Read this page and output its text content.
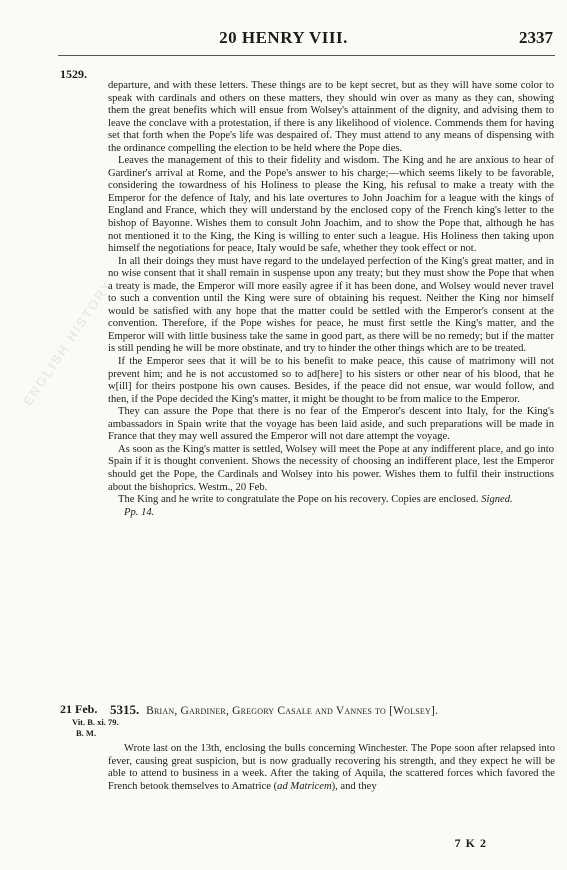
20 HENRY VIII.	2337
1529.
ENGLISH HISTORY

departure, and with these letters. These things are to be kept secret, but as they will have some color to speak with cardinals and others on these matters, they should win over as many as they can, showing them the great benefits which will ensue from Wolsey's attainment of the dignity, and advising them to leave the conclave with a protestation, if there is any likelihood of violence. Commends them for having set that forth when the Pope's life was despaired of. They must attend to any means of dispensing with the ordinance compelling the election to be held where the Pope dies.

Leaves the management of this to their fidelity and wisdom. The King and he are anxious to hear of Gardiner's arrival at Rome, and the Pope's answer to his charge;—which seems likely to be favorable, considering the towardness of his Holiness to please the King, his refusal to make a treaty with the Emperor for the defence of Italy, and his late overtures to John Joachim for a league with the kings of England and France, which they will understand by the enclosed copy of the French king's letter to the bishop of Bayonne. Wishes them to consult John Joachim, and to show the Pope that, although he has not mentioned it to the King, the King is willing to enter such a league. His Holiness then taking upon himself the negotiations for peace, Italy would be safe, whether they took effect or not.

In all their doings they must have regard to the undelayed perfection of the King's great matter, and in no wise consent that it shall remain in suspense upon any treaty; but they must show the Pope that when a treaty is made, the Emperor will more easily agree if it has been done, and Wolsey would never travel to such a convention until the King were sure of obtaining his request. Neither the King nor himself would be satisfied with any hope that the matter could be settled with the Emperor's consent at the convention. Therefore, if the Pope wishes for peace, he must first settle the King's matter, and the Emperor will with little business take the same in good part, as there will be no remedy; but if the matter is still pending he will be more obstinate, and try to hinder the other things which are to be treated.

If the Emperor sees that it will be to his benefit to make peace, this cause of matrimony will not prevent him; and he is not accustomed so to ad[here] to his sisters or other near of his blood, that he w[ill] for theirs postpone his own causes. Besides, if the peace did not ensue, war would follow, and then, if the Pope decided the King's matter, it might be thought to be from malice to the Emperor.

They can assure the Pope that there is no fear of the Emperor's descent into Italy, for the King's ambassadors in Spain write that the voyage has been laid aside, and such preparations will be made in France that they may well assured the Emperor will not dare attempt the voyage.

As soon as the King's matter is settled, Wolsey will meet the Pope at any indifferent place, and go into Spain if it is thought convenient. Shows the necessity of choosing an indifferent place, lest the Emperor should get the Pope, the Cardinals and Wolsey into his power. Wishes them to fulfil their instructions about the bishoprics. Westm., 20 Feb.

The King and he write to congratulate the Pope on his recovery. Copies are enclosed. Signed.

Pp. 14.
21 Feb.
Vit. B. xi. 79.
B. M.
5315. Brian, Gardiner, Gregory Casale and Vannes to [Wolsey].

Wrote last on the 13th, enclosing the bulls concerning Winchester. The Pope soon after relapsed into fever, causing great suspicion, but is now gradually recovering his strength, and they expect he will be able to attend to business in a week. After the taking of Aquila, the scattered forces which favored the French betook themselves to Amatrice (ad Matricem), and they

7 K 2
